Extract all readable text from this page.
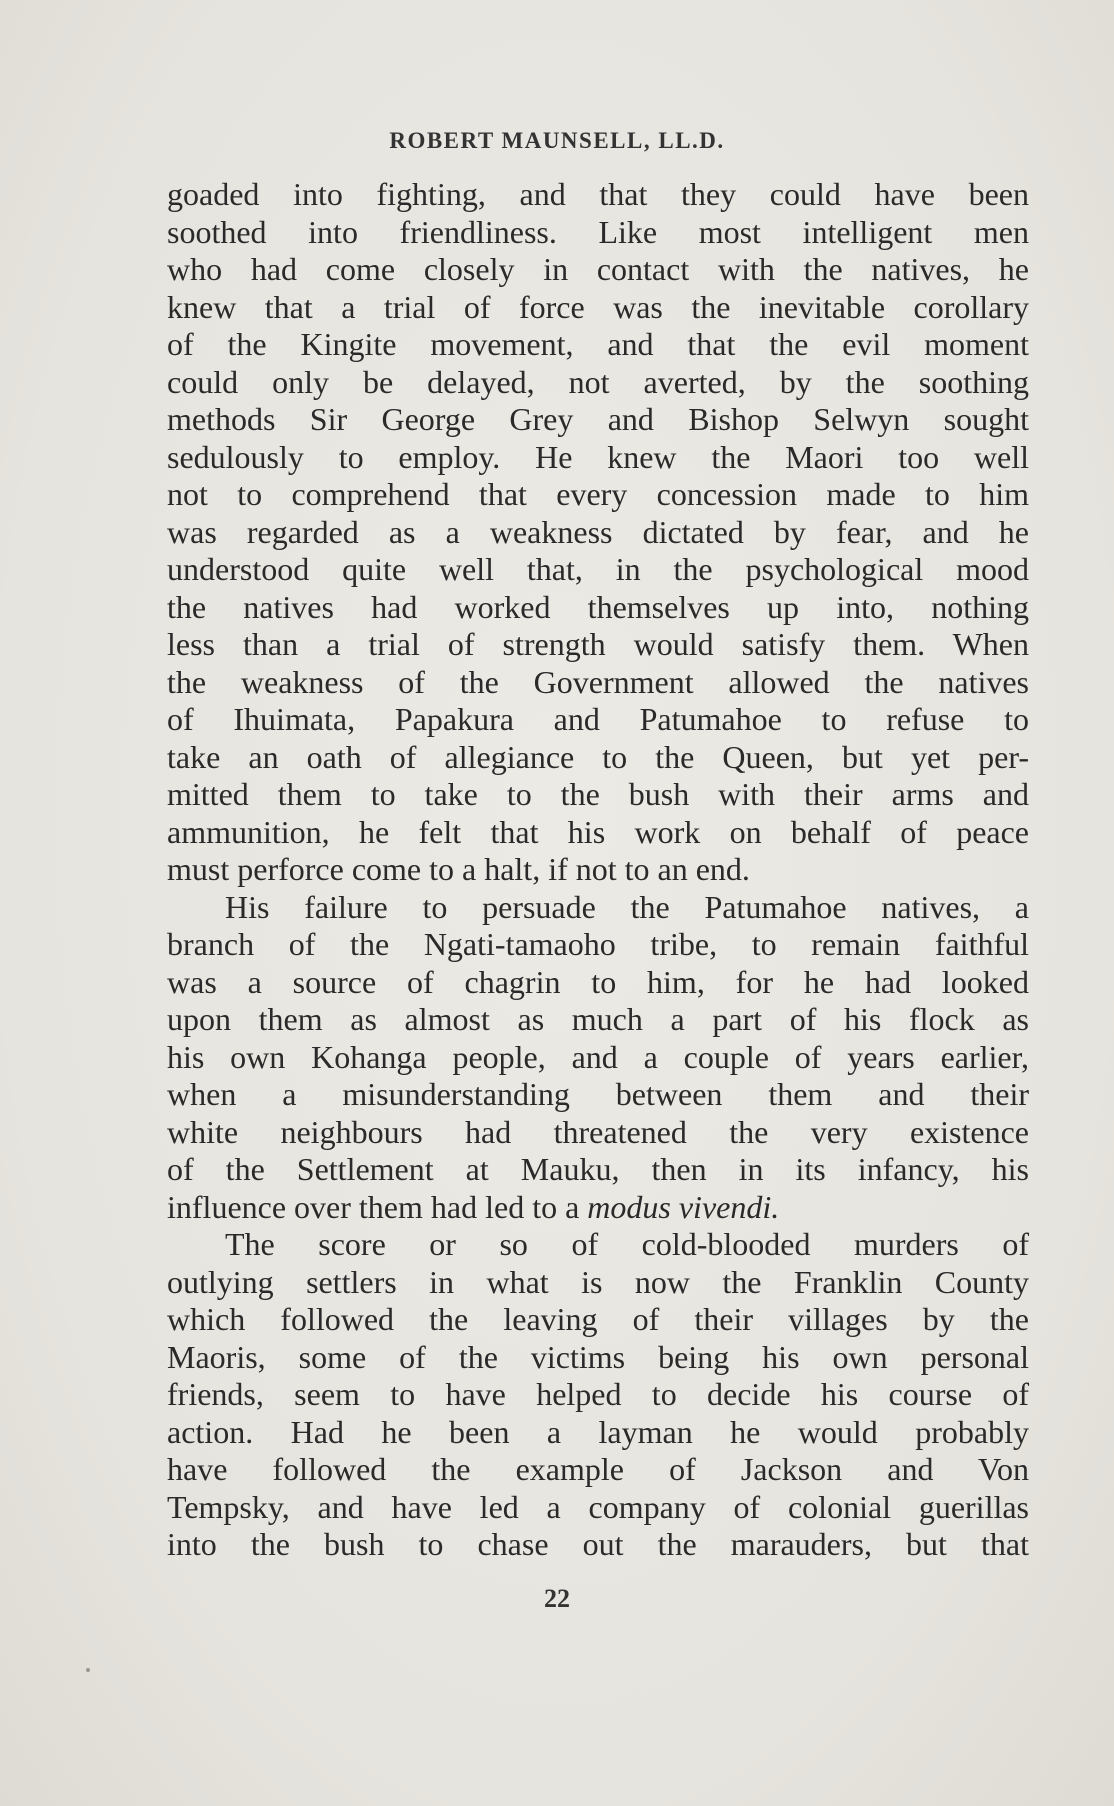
ROBERT MAUNSELL, LL.D.
goaded into fighting, and that they could have been
soothed into friendliness. Like most intelligent men
who had come closely in contact with the natives, he
knew that a trial of force was the inevitable corollary
of the Kingite movement, and that the evil moment
could only be delayed, not averted, by the soothing
methods Sir George Grey and Bishop Selwyn sought
sedulously to employ. He knew the Maori too well
not to comprehend that every concession made to him
was regarded as a weakness dictated by fear, and he
understood quite well that, in the psychological mood
the natives had worked themselves up into, nothing
less than a trial of strength would satisfy them. When
the weakness of the Government allowed the natives
of Ihuimata, Papakura and Patumahoe to refuse to
take an oath of allegiance to the Queen, but yet per-
mitted them to take to the bush with their arms and
ammunition, he felt that his work on behalf of peace
must perforce come to a halt, if not to an end.
His failure to persuade the Patumahoe natives, a
branch of the Ngati-tamaoho tribe, to remain faithful
was a source of chagrin to him, for he had looked
upon them as almost as much a part of his flock as
his own Kohanga people, and a couple of years earlier,
when a misunderstanding between them and their
white neighbours had threatened the very existence
of the Settlement at Mauku, then in its infancy, his
influence over them had led to a modus vivendi.
The score or so of cold-blooded murders of
outlying settlers in what is now the Franklin County
which followed the leaving of their villages by the
Maoris, some of the victims being his own personal
friends, seem to have helped to decide his course of
action. Had he been a layman he would probably
have followed the example of Jackson and Von
Tempsky, and have led a company of colonial guerillas
into the bush to chase out the marauders, but that
22
